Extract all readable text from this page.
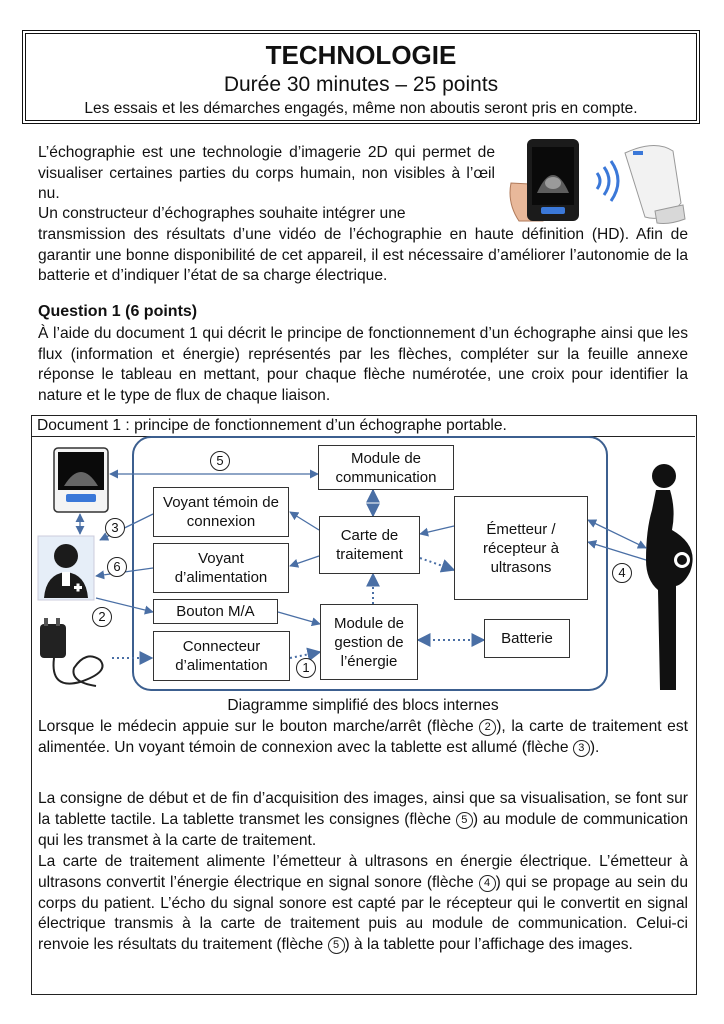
TECHNOLOGIE
Durée 30 minutes – 25 points
Les essais et les démarches engagés, même non aboutis seront pris en compte.
L’échographie est une technologie d’imagerie 2D qui permet de visualiser certaines parties du corps humain, non visibles à l’œil nu.
Un constructeur d’échographes souhaite intégrer une
transmission des résultats d’une vidéo de l’échographie en haute définition (HD). Afin de garantir une bonne disponibilité de cet appareil, il est nécessaire d’améliorer l’autonomie de la batterie et d’indiquer l’état de sa charge électrique.
Question 1 (6 points)
À l’aide du document 1 qui décrit le principe de fonctionnement d’un échographe ainsi que les flux (information et énergie) représentés par les flèches, compléter sur la feuille annexe réponse le tableau en mettant, pour chaque flèche numérotée, une croix pour identifier la nature et le type de flux de chaque liaison.
Document 1 : principe de fonctionnement d’un échographe portable.
Module de communication
Voyant témoin de connexion
Carte de traitement
Émetteur / récepteur à ultrasons
Voyant d’alimentation
Bouton M/A
Module de gestion de l’énergie
Batterie
Connecteur d’alimentation
5
3
6
2
1
4
Diagramme simplifié des blocs internes
Lorsque le médecin appuie sur le bouton marche/arrêt (flèche 2 ), la carte de traitement est alimentée. Un voyant témoin de connexion avec la tablette est allumé (flèche 3 ).
La consigne de début et de fin d’acquisition des images, ainsi que sa visualisation, se font sur la tablette tactile. La tablette transmet les consignes (flèche 5 ) au module de communication qui les transmet à la carte de traitement.
La carte de traitement alimente l’émetteur à ultrasons en énergie électrique. L’émetteur à ultrasons convertit l’énergie électrique en signal sonore (flèche 4 ) qui se propage au sein du corps du patient. L’écho du signal sonore est capté par le récepteur qui le convertit en signal électrique transmis à la carte de traitement puis au module de communication. Celui-ci renvoie les résultats du traitement (flèche 5 ) à la tablette pour l’affichage des images.
